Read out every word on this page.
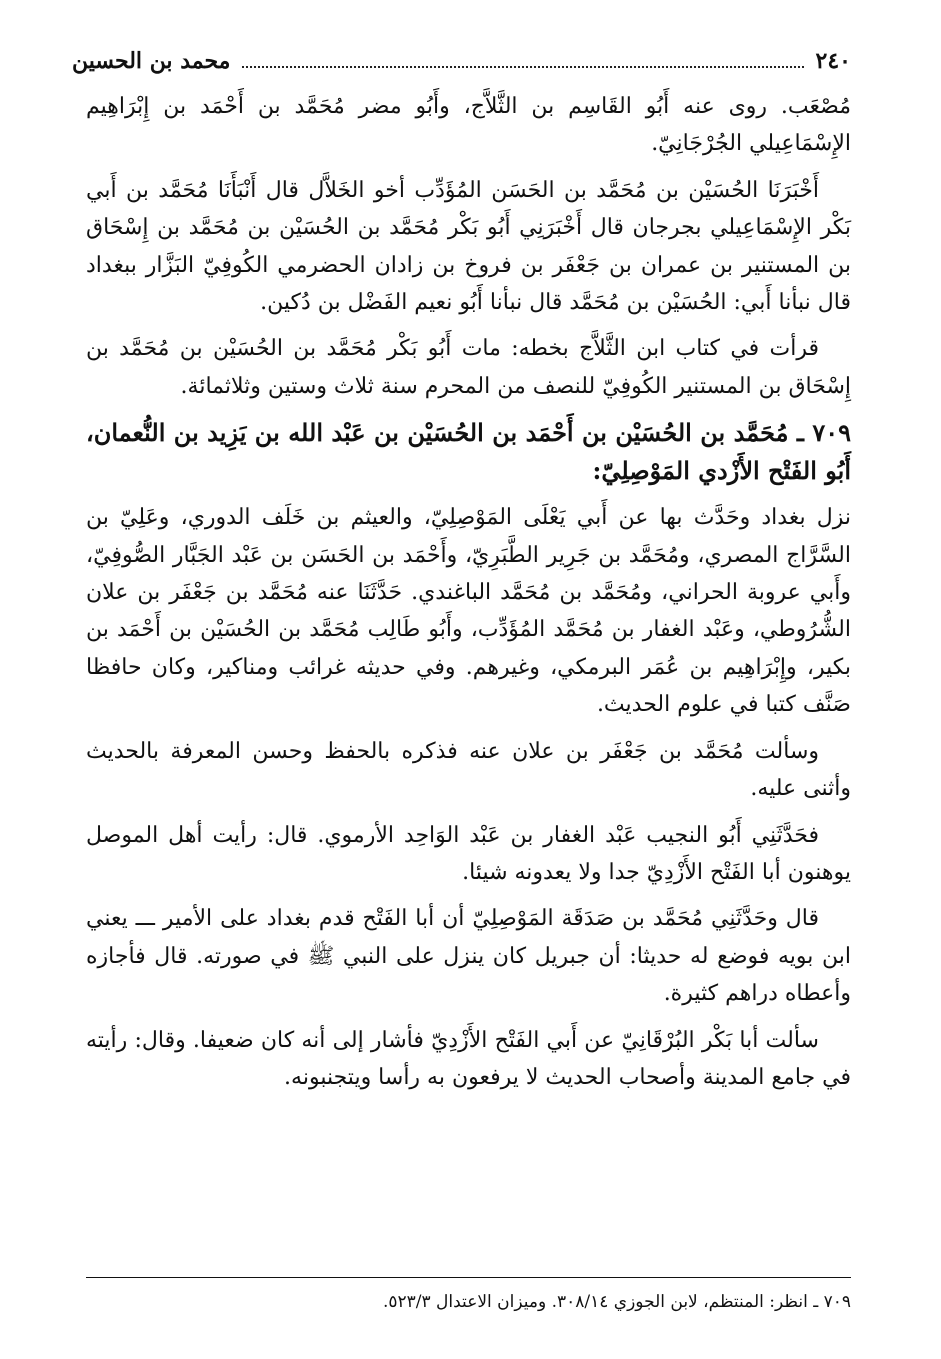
٢٤٠
محمد بن الحسين

مُصْعَب. روى عنه أَبُو القَاسِم بن الثَّلاَّج، وأَبُو مضر مُحَمَّد بن أَحْمَد بن إِبْرَاهِيم الإِسْمَاعِيلي الجُرْجَانِيّ.

أَخْبَرَنَا الحُسَيْن بن مُحَمَّد بن الحَسَن المُؤَدِّب أخو الخَلاَّل قال أَنْبَأَنَا مُحَمَّد بن أَبي بَكْر الإِسْمَاعِيلي بجرجان قال أَخْبَرَنِي أَبُو بَكْر مُحَمَّد بن الحُسَيْن بن مُحَمَّد بن إِسْحَاق بن المستنير بن عمران بن جَعْفَر بن فروخ بن زادان الحضرمي الكُوفِيّ البَزَّار ببغداد قال نبأنا أَبي: الحُسَيْن بن مُحَمَّد قال نبأنا أَبُو نعيم الفَضْل بن دُكين.

قرأت في كتاب ابن الثَّلاَّج بخطه: مات أَبُو بَكْر مُحَمَّد بن الحُسَيْن بن مُحَمَّد بن إِسْحَاق بن المستنير الكُوفِيّ للنصف من المحرم سنة ثلاث وستين وثلاثمائة.

٧٠٩ ـ مُحَمَّد بن الحُسَيْن بن أَحْمَد بن الحُسَيْن بن عَبْد الله بن يَزِيد بن النُّعمان، أَبُو الفَتْح الأَزْدي المَوْصِلِيّ:

نزل بغداد وحَدَّث بها عن أَبي يَعْلَى المَوْصِلِيّ، والعيثم بن خَلَف الدوري، وعَلِيّ بن السَّرَّاج المصري، ومُحَمَّد بن جَرِير الطَّبَرِيّ، وأَحْمَد بن الحَسَن بن عَبْد الجَبَّار الصُّوفِيّ، وأَبي عروبة الحراني، ومُحَمَّد بن مُحَمَّد الباغندي. حَدَّثَنَا عنه مُحَمَّد بن جَعْفَر بن علان الشُّرُوطي، وعَبْد الغفار بن مُحَمَّد المُؤَدِّب، وأَبُو طَالِب مُحَمَّد بن الحُسَيْن بن أَحْمَد بن بكير، وإِبْرَاهِيم بن عُمَر البرمكي، وغيرهم. وفي حديثه غرائب ومناكير، وكان حافظا صَنَّف كتبا في علوم الحديث.

وسألت مُحَمَّد بن جَعْفَر بن علان عنه فذكره بالحفظ وحسن المعرفة بالحديث وأثنى عليه.

فحَدَّثَنِي أَبُو النجيب عَبْد الغفار بن عَبْد الوَاحِد الأرموي. قال: رأيت أهل الموصل يوهنون أبا الفَتْح الأَزْدِيّ جدا ولا يعدونه شيئا.

قال وحَدَّثَنِي مُحَمَّد بن صَدَقَة المَوْصِلِيّ أن أبا الفَتْح قدم بغداد على الأمير ـــ يعني ابن بويه فوضع له حديثا: أن جبريل كان ينزل على النبي ﷺ في صورته. قال فأجازه وأعطاه دراهم كثيرة.

سألت أبا بَكْر البُرْقَانِيّ عن أَبي الفَتْح الأَزْدِيّ فأشار إلى أنه كان ضعيفا. وقال: رأيته في جامع المدينة وأصحاب الحديث لا يرفعون به رأسا ويتجنبونه.

٧٠٩ ـ انظر: المنتظم، لابن الجوزي ٣٠٨/١٤. وميزان الاعتدال ٥٢٣/٣.
